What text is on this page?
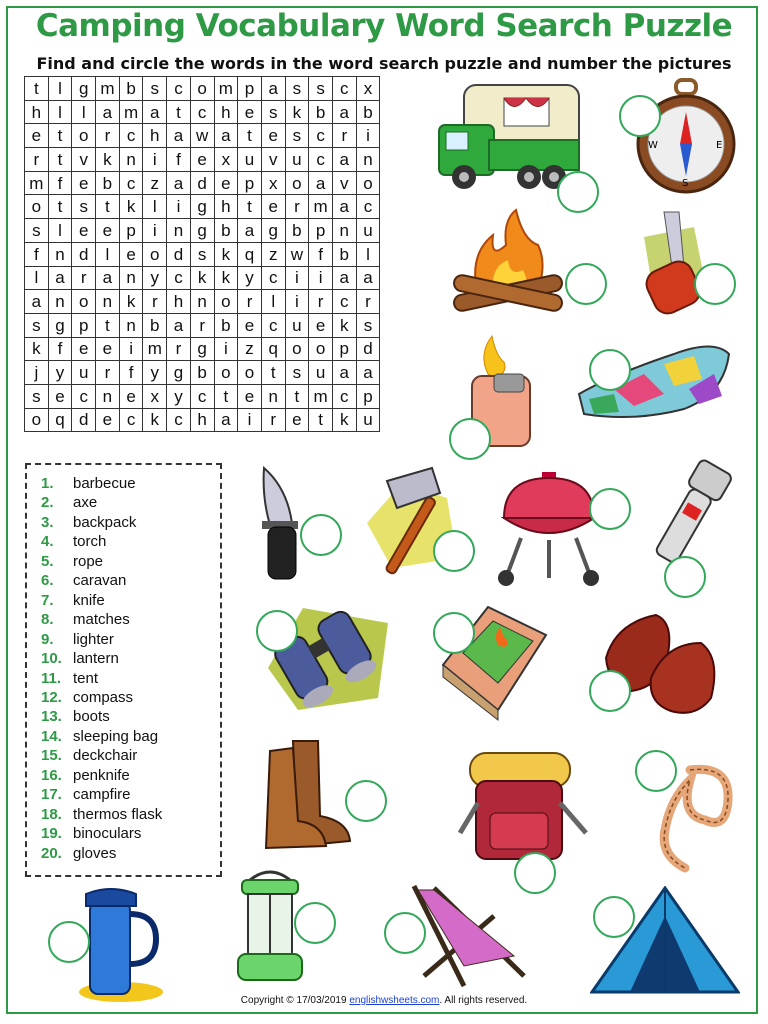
Camping Vocabulary Word Search Puzzle
Find and circle the words in the word search puzzle and number the pictures
t	l	g	m	b	s	c	o	m	p	a	s	s	c	x
h	l	l	a	m	a	t	c	h	e	s	k	b	a	b
e	t	o	r	c	h	a	w	a	t	e	s	c	r	i
r	t	v	k	n	i	f	e	x	u	v	u	c	a	n
m	f	e	b	c	z	a	d	e	p	x	o	a	v	o
o	t	s	t	k	l	i	g	h	t	e	r	m	a	c
s	l	e	e	p	i	n	g	b	a	g	b	p	n	u
f	n	d	l	e	o	d	s	k	q	z	w	f	b	l
l	a	r	a	n	y	c	k	k	y	c	i	i	a	a
a	n	o	n	k	r	h	n	o	r	l	i	r	c	r
s	g	p	t	n	b	a	r	b	e	c	u	e	k	s
k	f	e	e	i	m	r	g	i	z	q	o	o	p	d
j	y	u	r	f	y	g	b	o	o	t	s	u	a	a
s	e	c	n	e	x	y	c	t	e	n	t	m	c	p
o	q	d	e	c	k	c	h	a	i	r	e	t	k	u
1. barbecue
2. axe
3. backpack
4. torch
5. rope
6. caravan
7. knife
8. matches
9. lighter
10. lantern
11. tent
12. compass
13. boots
14. sleeping bag
15. deckchair
16. penknife
17. campfire
18. thermos flask
19. binoculars
20. gloves
W	E
S
Copyright © 17/03/2019 englishwsheets.com. All rights reserved.
